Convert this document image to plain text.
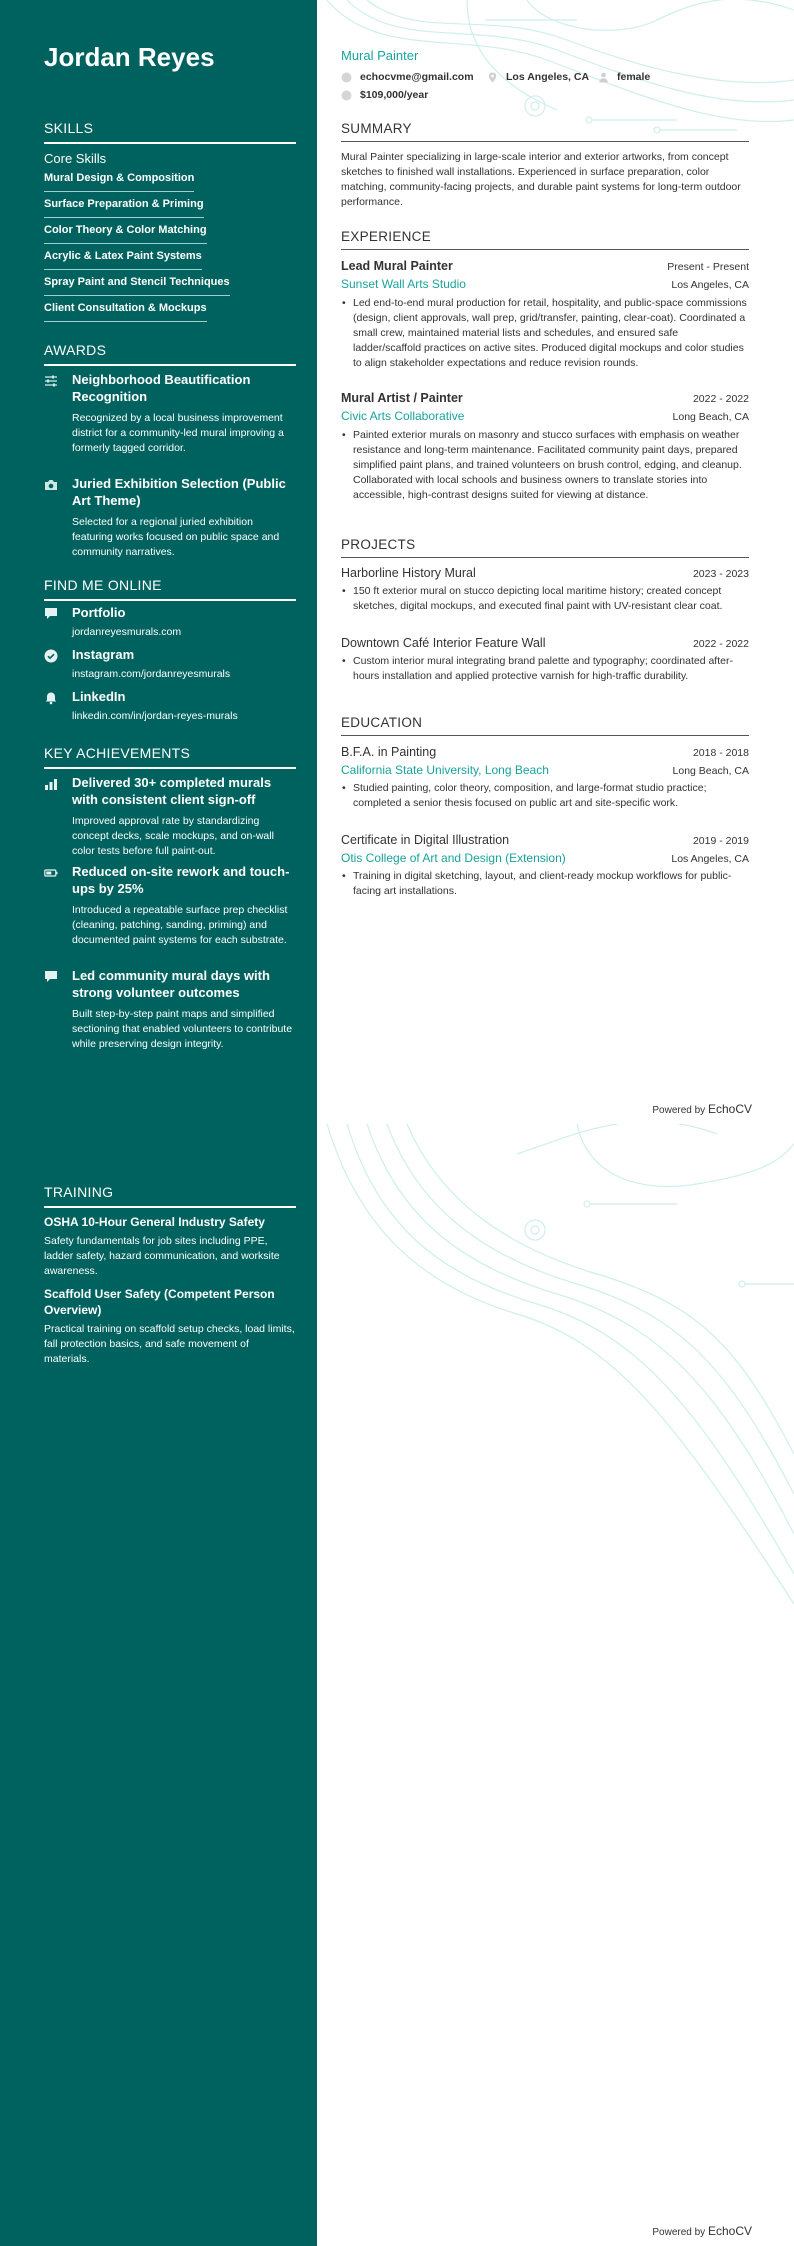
Jordan Reyes
SKILLS
Core Skills
Mural Design & Composition
Surface Preparation & Priming
Color Theory & Color Matching
Acrylic & Latex Paint Systems
Spray Paint and Stencil Techniques
Client Consultation & Mockups
AWARDS
Neighborhood Beautification Recognition
Recognized by a local business improvement district for a community-led mural improving a formerly tagged corridor.
Juried Exhibition Selection (Public Art Theme)
Selected for a regional juried exhibition featuring works focused on public space and community narratives.
FIND ME ONLINE
Portfolio
jordanreyesmurals.com
Instagram
instagram.com/jordanreyesmurals
LinkedIn
linkedin.com/in/jordan-reyes-murals
KEY ACHIEVEMENTS
Delivered 30+ completed murals with consistent client sign-off
Improved approval rate by standardizing concept decks, scale mockups, and on-wall color tests before full paint-out.
Reduced on-site rework and touch-ups by 25%
Introduced a repeatable surface prep checklist (cleaning, patching, sanding, priming) and documented paint systems for each substrate.
Led community mural days with strong volunteer outcomes
Built step-by-step paint maps and simplified sectioning that enabled volunteers to contribute while preserving design integrity.
TRAINING
OSHA 10-Hour General Industry Safety
Safety fundamentals for job sites including PPE, ladder safety, hazard communication, and worksite awareness.
Scaffold User Safety (Competent Person Overview)
Practical training on scaffold setup checks, load limits, fall protection basics, and safe movement of materials.
Mural Painter
echocvme@gmail.com	Los Angeles, CA	female
$109,000/year
SUMMARY
Mural Painter specializing in large-scale interior and exterior artworks, from concept sketches to finished wall installations. Experienced in surface preparation, color matching, community-facing projects, and durable paint systems for long-term outdoor performance.
EXPERIENCE
Lead Mural Painter	Present - Present
Sunset Wall Arts Studio	Los Angeles, CA
• Led end-to-end mural production for retail, hospitality, and public-space commissions (design, client approvals, wall prep, grid/transfer, painting, clear-coat). Coordinated a small crew, maintained material lists and schedules, and ensured safe ladder/scaffold practices on active sites. Produced digital mockups and color studies to align stakeholder expectations and reduce revision rounds.
Mural Artist / Painter	2022 - 2022
Civic Arts Collaborative	Long Beach, CA
• Painted exterior murals on masonry and stucco surfaces with emphasis on weather resistance and long-term maintenance. Facilitated community paint days, prepared simplified paint plans, and trained volunteers on brush control, edging, and cleanup. Collaborated with local schools and business owners to translate stories into accessible, high-contrast designs suited for viewing at distance.
PROJECTS
Harborline History Mural	2023 - 2023
• 150 ft exterior mural on stucco depicting local maritime history; created concept sketches, digital mockups, and executed final paint with UV-resistant clear coat.
Downtown Café Interior Feature Wall	2022 - 2022
• Custom interior mural integrating brand palette and typography; coordinated after-hours installation and applied protective varnish for high-traffic durability.
EDUCATION
B.F.A. in Painting	2018 - 2018
California State University, Long Beach	Long Beach, CA
• Studied painting, color theory, composition, and large-format studio practice; completed a senior thesis focused on public art and site-specific work.
Certificate in Digital Illustration	2019 - 2019
Otis College of Art and Design (Extension)	Los Angeles, CA
• Training in digital sketching, layout, and client-ready mockup workflows for public-facing art installations.
Powered by EchoCV
Powered by EchoCV
